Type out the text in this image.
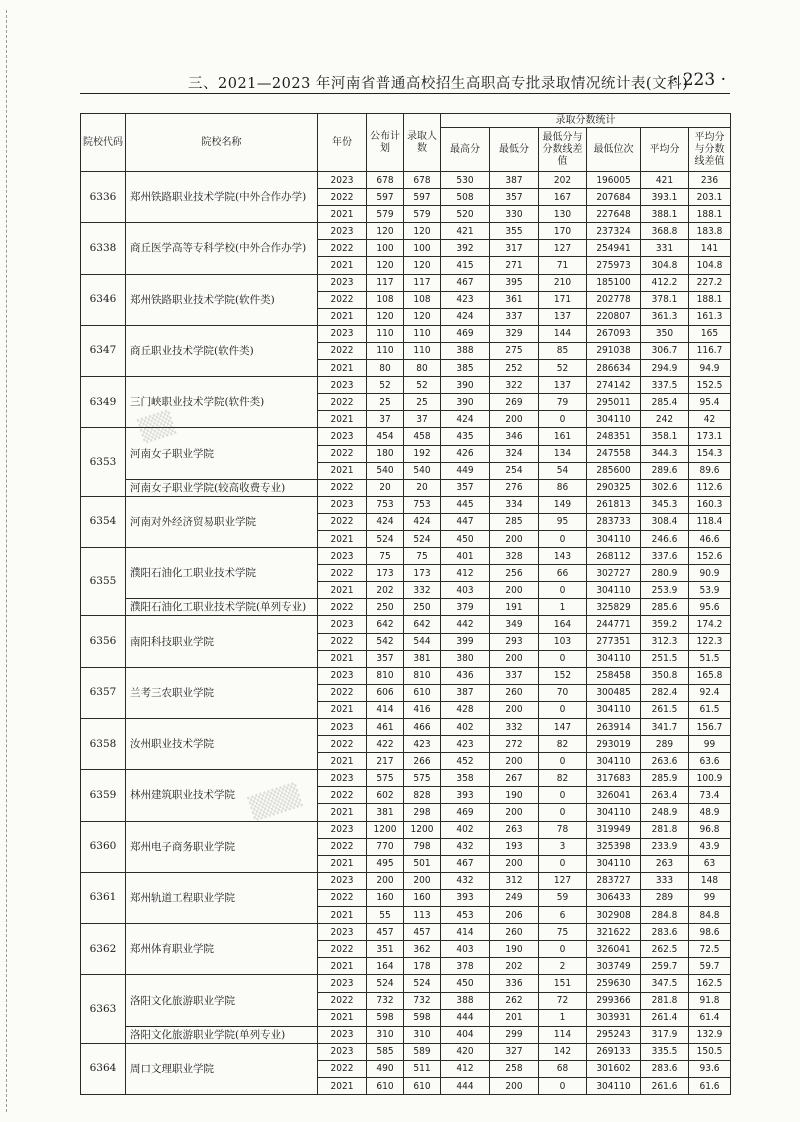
三、2021—2023 年河南省普通高校招生高职高专批录取情况统计表(文科)
· 223 ·
院校代码	院校名称	年份	公布计划	录取人数	录取分数统计					
					最高分	最低分	最低分与分数线差值	最低位次	平均分	平均分与分数线差值
6336	郑州铁路职业技术学院(中外合作办学)	2023	678	678	530	387	202	196005	421	236
		2022	597	597	508	357	167	207684	393.1	203.1
		2021	579	579	520	330	130	227648	388.1	188.1
6338	商丘医学高等专科学校(中外合作办学)	2023	120	120	421	355	170	237324	368.8	183.8
		2022	100	100	392	317	127	254941	331	141
		2021	120	120	415	271	71	275973	304.8	104.8
6346	郑州铁路职业技术学院(软件类)	2023	117	117	467	395	210	185100	412.2	227.2
		2022	108	108	423	361	171	202778	378.1	188.1
		2021	120	120	424	337	137	220807	361.3	161.3
6347	商丘职业技术学院(软件类)	2023	110	110	469	329	144	267093	350	165
		2022	110	110	388	275	85	291038	306.7	116.7
		2021	80	80	385	252	52	286634	294.9	94.9
6349	三门峡职业技术学院(软件类)	2023	52	52	390	322	137	274142	337.5	152.5
		2022	25	25	390	269	79	295011	285.4	95.4
		2021	37	37	424	200	0	304110	242	42
6353	河南女子职业学院	2023	454	458	435	346	161	248351	358.1	173.1
		2022	180	192	426	324	134	247558	344.3	154.3
		2021	540	540	449	254	54	285600	289.6	89.6
	河南女子职业学院(较高收费专业)	2022	20	20	357	276	86	290325	302.6	112.6
6354	河南对外经济贸易职业学院	2023	753	753	445	334	149	261813	345.3	160.3
		2022	424	424	447	285	95	283733	308.4	118.4
		2021	524	524	450	200	0	304110	246.6	46.6
6355	濮阳石油化工职业技术学院	2023	75	75	401	328	143	268112	337.6	152.6
		2022	173	173	412	256	66	302727	280.9	90.9
		2021	202	332	403	200	0	304110	253.9	53.9
	濮阳石油化工职业技术学院(单列专业)	2022	250	250	379	191	1	325829	285.6	95.6
6356	南阳科技职业学院	2023	642	642	442	349	164	244771	359.2	174.2
		2022	542	544	399	293	103	277351	312.3	122.3
		2021	357	381	380	200	0	304110	251.5	51.5
6357	兰考三农职业学院	2023	810	810	436	337	152	258458	350.8	165.8
		2022	606	610	387	260	70	300485	282.4	92.4
		2021	414	416	428	200	0	304110	261.5	61.5
6358	汝州职业技术学院	2023	461	466	402	332	147	263914	341.7	156.7
		2022	422	423	423	272	82	293019	289	99
		2021	217	266	452	200	0	304110	263.6	63.6
6359	林州建筑职业技术学院	2023	575	575	358	267	82	317683	285.9	100.9
		2022	602	828	393	190	0	326041	263.4	73.4
		2021	381	298	469	200	0	304110	248.9	48.9
6360	郑州电子商务职业学院	2023	1200	1200	402	263	78	319949	281.8	96.8
		2022	770	798	432	193	3	325398	233.9	43.9
		2021	495	501	467	200	0	304110	263	63
6361	郑州轨道工程职业学院	2023	200	200	432	312	127	283727	333	148
		2022	160	160	393	249	59	306433	289	99
		2021	55	113	453	206	6	302908	284.8	84.8
6362	郑州体育职业学院	2023	457	457	414	260	75	321622	283.6	98.6
		2022	351	362	403	190	0	326041	262.5	72.5
		2021	164	178	378	202	2	303749	259.7	59.7
6363	洛阳文化旅游职业学院	2023	524	524	450	336	151	259630	347.5	162.5
		2022	732	732	388	262	72	299366	281.8	91.8
		2021	598	598	444	201	1	303931	261.4	61.4
	洛阳文化旅游职业学院(单列专业)	2023	310	310	404	299	114	295243	317.9	132.9
6364	周口文理职业学院	2023	585	589	420	327	142	269133	335.5	150.5
		2022	490	511	412	258	68	301602	283.6	93.6
		2021	610	610	444	200	0	304110	261.6	61.6
▒▒
▒▒▒
